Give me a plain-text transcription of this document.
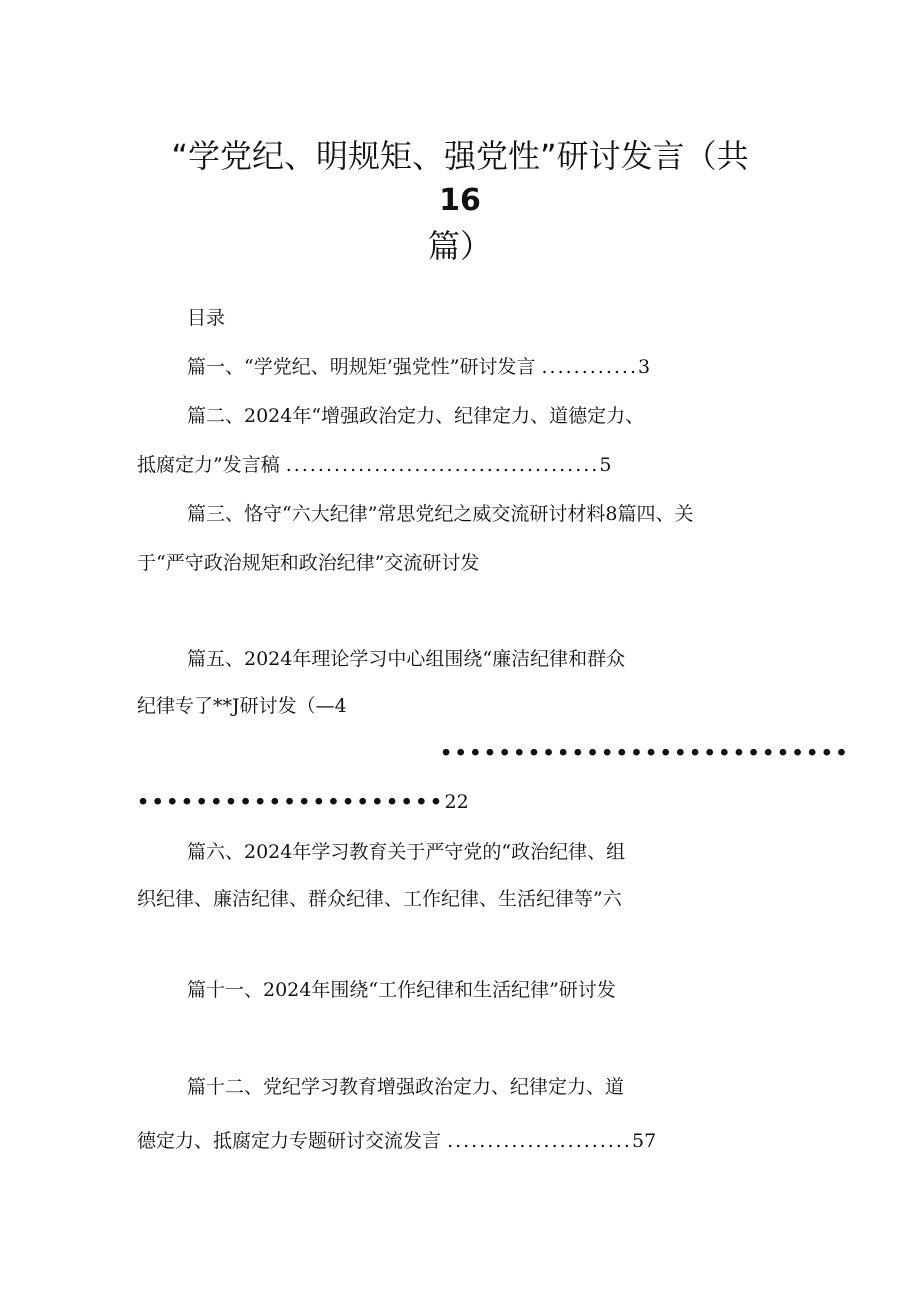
“学党纪、明规矩、强党性”研讨发言（共
16
篇）
目录
篇一、“学党纪、明规矩’强党性”研讨发言 ............3
篇二、2024年“增强政治定力、纪律定力、道德定力、
抵腐定力”发言稿 .......................................5
篇三、恪守“六大纪律”常思党纪之威交流研讨材料8篇四、关
于“严守政治规矩和政治纪律”交流研讨发
篇五、2024年理论学习中心组围绕“廉洁纪律和群众
纪律专了**J研讨发（—4
••••••••••••••••••••••••••••
•••••••••••••••••••••22
篇六、2024年学习教育关于严守党的“政治纪律、组
织纪律、廉洁纪律、群众纪律、工作纪律、生活纪律等”六
篇十一、2024年围绕“工作纪律和生活纪律”研讨发
篇十二、党纪学习教育增强政治定力、纪律定力、道
德定力、抵腐定力专题研讨交流发言 .......................57
